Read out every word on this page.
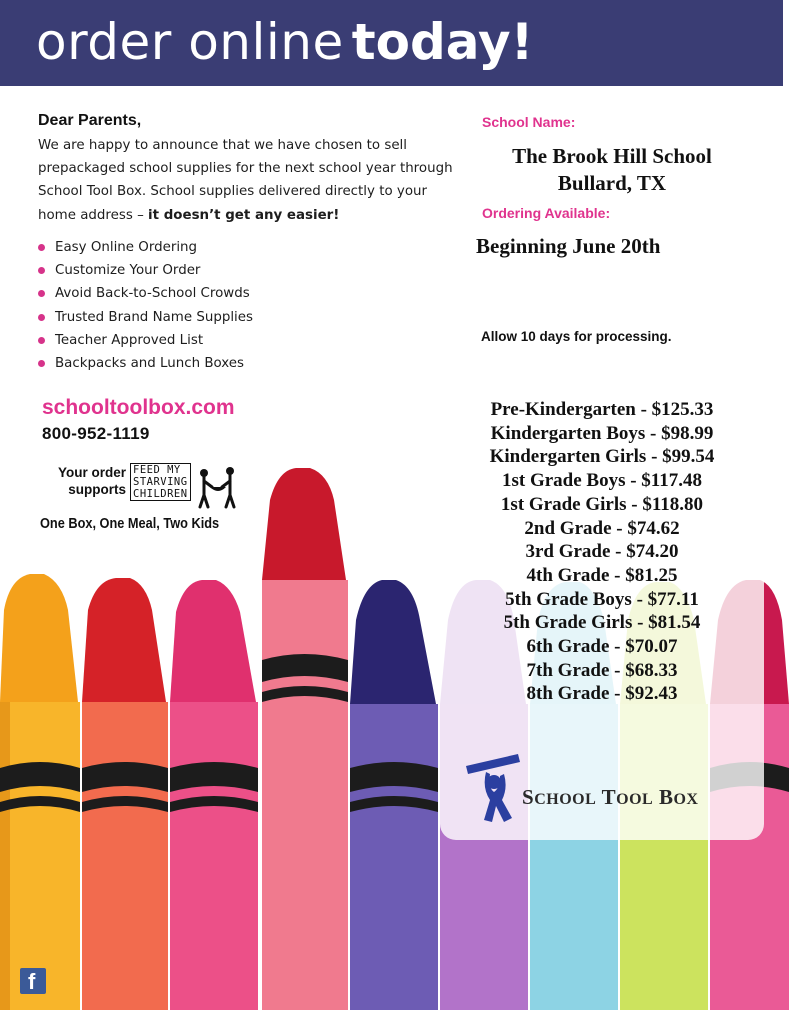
order online today!
Dear Parents,
We are happy to announce that we have chosen to sell prepackaged school supplies for the next school year through School Tool Box. School supplies delivered directly to your home address – it doesn’t get any easier!
Easy Online Ordering
Customize Your Order
Avoid Back-to-School Crowds
Trusted Brand Name Supplies
Teacher Approved List
Backpacks and Lunch Boxes
schooltoolbox.com
800-952-1119
Your order
supports
FEED MY
STARVING
CHILDREN
One Box, One Meal, Two Kids
School Name:
The Brook Hill School
Bullard, TX
Ordering Available:
Beginning June 20th
Allow 10 days for processing.
Pre-Kindergarten - $125.33
Kindergarten Boys - $98.99
Kindergarten Girls - $99.54
1st Grade Boys - $117.48
1st Grade Girls - $118.80
2nd Grade - $74.62
3rd Grade - $74.20
4th Grade - $81.25
5th Grade Boys - $77.11
5th Grade Girls - $81.54
6th Grade - $70.07
7th Grade - $68.33
8th Grade - $92.43
SCHOOL TOOL BOX
f
